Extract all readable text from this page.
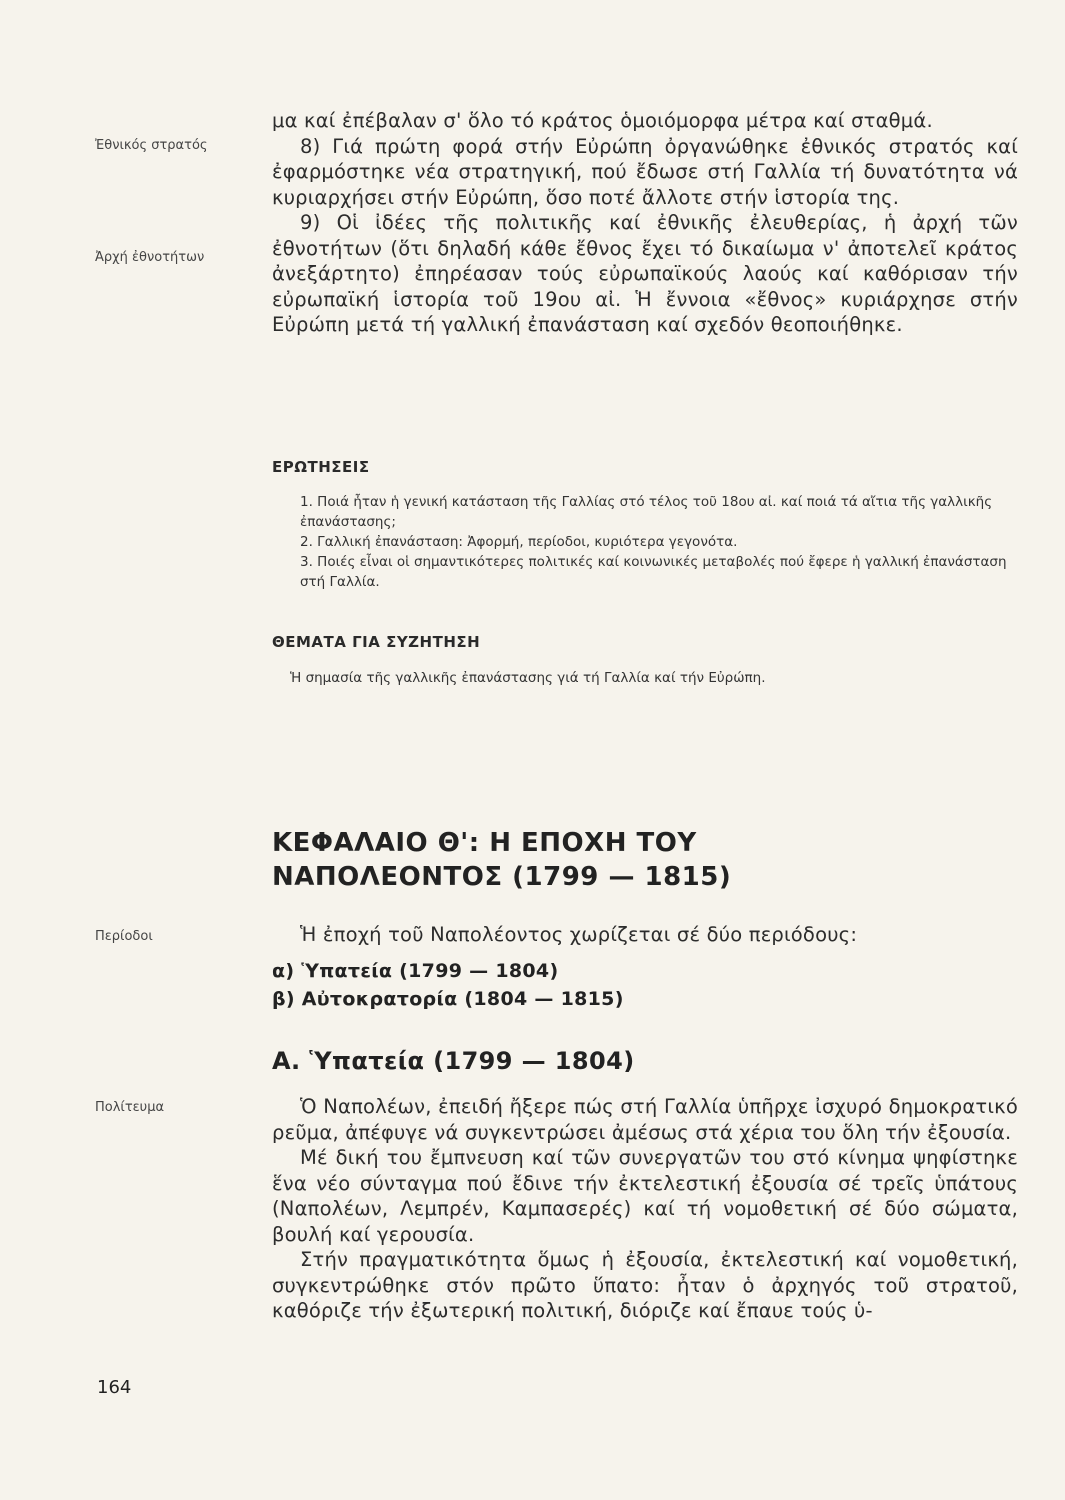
Ἐθνικός στρατός
Ἀρχή ἐθνοτήτων
Περίοδοι
Πολίτευμα

μα καί ἐπέβαλαν σ' ὅλο τό κράτος ὁμοιόμορφα μέτρα καί σταθμά.

8) Γιά πρώτη φορά στήν Εὐρώπη ὀργανώθηκε ἐθνικός στρατός καί ἐφαρμόστηκε νέα στρατηγική, πού ἔδωσε στή Γαλλία τή δυνατότητα νά κυριαρχήσει στήν Εὐρώπη, ὅσο ποτέ ἄλλοτε στήν ἱστορία της.

9) Οἱ ἰδέες τῆς πολιτικῆς καί ἐθνικῆς ἐλευθερίας, ἡ ἀρχή τῶν ἐθνοτήτων (ὅτι δηλαδή κάθε ἔθνος ἔχει τό δικαίωμα ν' ἀποτελεῖ κράτος ἀνεξάρτητο) ἐπηρέασαν τούς εὐρωπαϊκούς λαούς καί καθόρισαν τήν εὐρωπαϊκή ἱστορία τοῦ 19ου αἰ. Ἡ ἔννοια «ἔθνος» κυριάρχησε στήν Εὐρώπη μετά τή γαλλική ἐπανάσταση καί σχεδόν θεοποιήθηκε.

ΕΡΩΤΗΣΕΙΣ

1. Ποιά ἦταν ἡ γενική κατάσταση τῆς Γαλλίας στό τέλος τοῦ 18ου αἰ. καί ποιά τά αἴτια τῆς γαλλικῆς ἐπανάστασης;

2. Γαλλική ἐπανάσταση: Ἀφορμή, περίοδοι, κυριότερα γεγονότα.

3. Ποιές εἶναι οἱ σημαντικότερες πολιτικές καί κοινωνικές μεταβολές πού ἔφερε ἡ γαλλική ἐπανάσταση στή Γαλλία.

ΘΕΜΑΤΑ ΓΙΑ ΣΥΖΗΤΗΣΗ
Ἡ σημασία τῆς γαλλικῆς ἐπανάστασης γιά τή Γαλλία καί τήν Εὐρώπη.
ΚΕΦΑΛΑΙΟ Θ': Η ΕΠΟΧΗ ΤΟΥ
ΝΑΠΟΛΕΟΝΤΟΣ (1799 — 1815)

Ἡ ἐποχή τοῦ Ναπολέοντος χωρίζεται σέ δύο περιόδους:

α) Ὑπατεία (1799 — 1804)
β) Αὐτοκρατορία (1804 — 1815)
Α. Ὑπατεία (1799 — 1804)

Ὁ Ναπολέων, ἐπειδή ἤξερε πώς στή Γαλλία ὑπῆρχε ἰσχυρό δημοκρατικό ρεῦμα, ἀπέφυγε νά συγκεντρώσει ἀμέσως στά χέρια του ὅλη τήν ἐξουσία.

Μέ δική του ἔμπνευση καί τῶν συνεργατῶν του στό κίνημα ψηφίστηκε ἕνα νέο σύνταγμα πού ἔδινε τήν ἐκτελεστική ἐξουσία σέ τρεῖς ὑπάτους (Ναπολέων, Λεμπρέν, Καμπασερές) καί τή νομοθετική σέ δύο σώματα, βουλή καί γερουσία.

Στήν πραγματικότητα ὅμως ἡ ἐξουσία, ἐκτελεστική καί νομοθετική, συγκεντρώθηκε στόν πρῶτο ὕπατο: ἦταν ὁ ἀρχηγός τοῦ στρατοῦ, καθόριζε τήν ἐξωτερική πολιτική, διόριζε καί ἔπαυε τούς ὑ-

164
